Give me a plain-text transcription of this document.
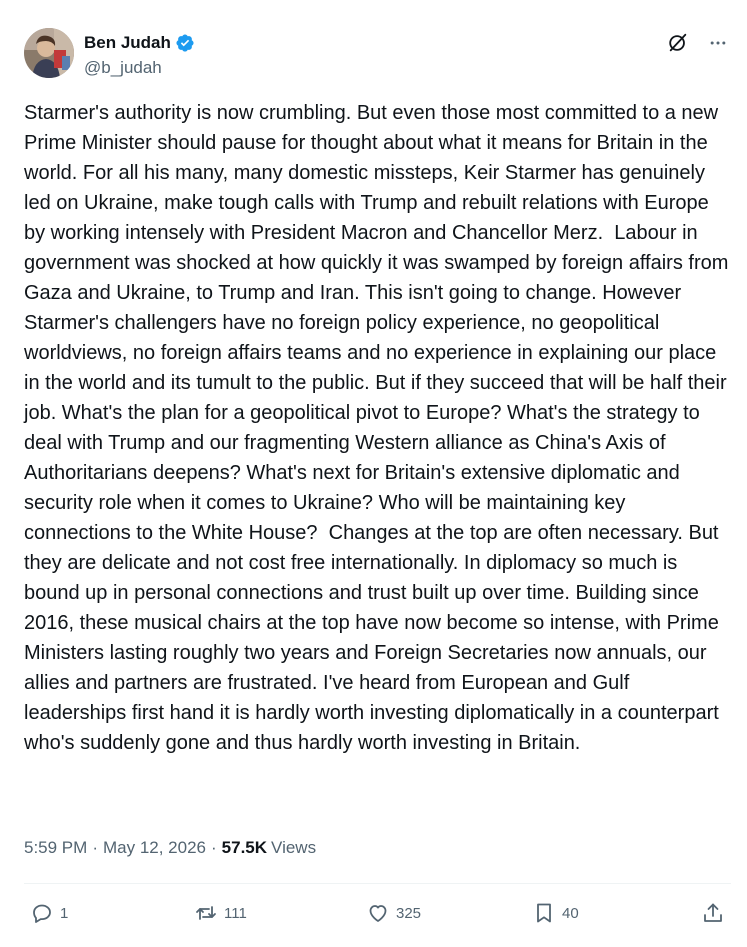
Ben Judah
@b_judah
Starmer's authority is now crumbling. But even those most committed to a new Prime Minister should pause for thought about what it means for Britain in the world. For all his many, many domestic missteps, Keir Starmer has genuinely led on Ukraine, make tough calls with Trump and rebuilt relations with Europe by working intensely with President Macron and Chancellor Merz.  Labour in government was shocked at how quickly it was swamped by foreign affairs from Gaza and Ukraine, to Trump and Iran. This isn't going to change. However Starmer's challengers have no foreign policy experience, no geopolitical worldviews, no foreign affairs teams and no experience in explaining our place in the world and its tumult to the public. But if they succeed that will be half their job. What's the plan for a geopolitical pivot to Europe? What's the strategy to deal with Trump and our fragmenting Western alliance as China's Axis of Authoritarians deepens? What's next for Britain's extensive diplomatic and security role when it comes to Ukraine? Who will be maintaining key connections to the White House?  Changes at the top are often necessary. But they are delicate and not cost free internationally. In diplomacy so much is bound up in personal connections and trust built up over time. Building since 2016, these musical chairs at the top have now become so intense, with Prime Ministers lasting roughly two years and Foreign Secretaries now annuals, our allies and partners are frustrated. I've heard from European and Gulf leaderships first hand it is hardly worth investing diplomatically in a counterpart who's suddenly gone and thus hardly worth investing in Britain.
5:59 PM · May 12, 2026 · 57.5K Views
1	111	325	40
